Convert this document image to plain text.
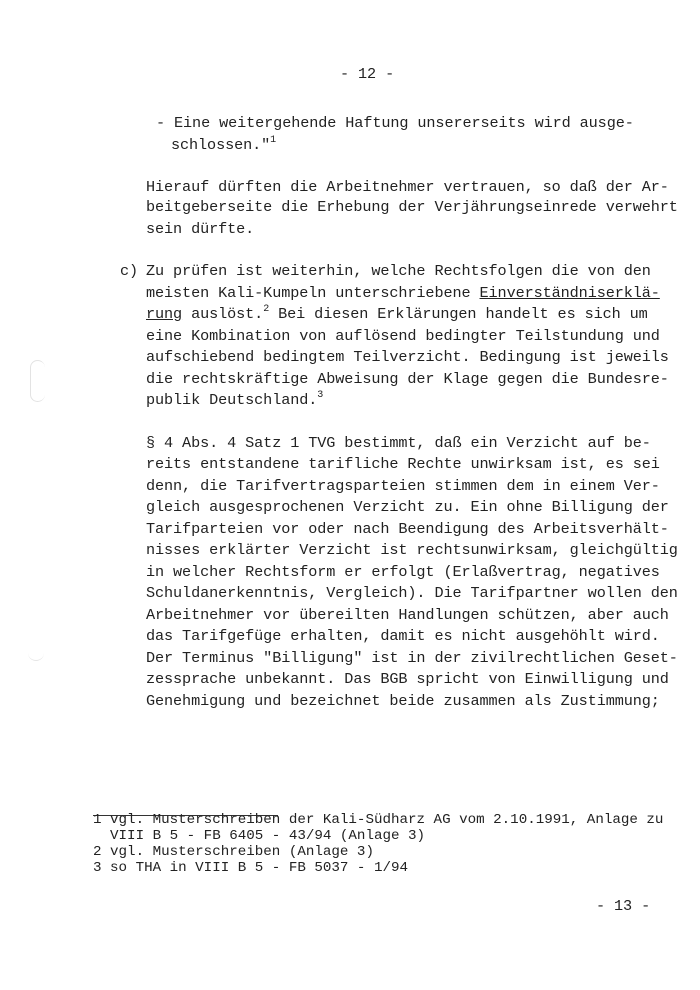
- 12 -
- Eine weitergehende Haftung unsererseits wird ausge-
schlossen."$^1$
Hierauf dürften die Arbeitnehmer vertrauen, so daß der Ar-
beitgeberseite die Erhebung der Verjährungseinrede verwehrt
sein dürfte.
c) Zu prüfen ist weiterhin, welche Rechtsfolgen die von den
meisten Kali-Kumpeln unterschriebene Einverständniserklä-
rung auslöst.$^2$ Bei diesen Erklärungen handelt es sich um
eine Kombination von auflösend bedingter Teilstundung und
aufschiebend bedingtem Teilverzicht. Bedingung ist jeweils
die rechtskräftige Abweisung der Klage gegen die Bundesre-
publik Deutschland.$^3$
§ 4 Abs. 4 Satz 1 TVG bestimmt, daß ein Verzicht auf be-
reits entstandene tarifliche Rechte unwirksam ist, es sei
denn, die Tarifvertragsparteien stimmen dem in einem Ver-
gleich ausgesprochenen Verzicht zu. Ein ohne Billigung der
Tarifparteien vor oder nach Beendigung des Arbeitsverhält-
nisses erklärter Verzicht ist rechtsunwirksam, gleichgültig
in welcher Rechtsform er erfolgt (Erlaßvertrag, negatives
Schuldanerkenntnis, Vergleich). Die Tarifpartner wollen den
Arbeitnehmer vor übereilten Handlungen schützen, aber auch
das Tarifgefüge erhalten, damit es nicht ausgehöhlt wird.
Der Terminus "Billigung" ist in der zivilrechtlichen Geset-
zessprache unbekannt. Das BGB spricht von Einwilligung und
Genehmigung und bezeichnet beide zusammen als Zustimmung;
1 vgl. Musterschreiben der Kali-Südharz AG vom 2.10.1991, Anlage zu
VIII B 5 - FB 6405 - 43/94 (Anlage 3)
2 vgl. Musterschreiben (Anlage 3)
3 so THA in VIII B 5 - FB 5037 - 1/94
- 13 -
